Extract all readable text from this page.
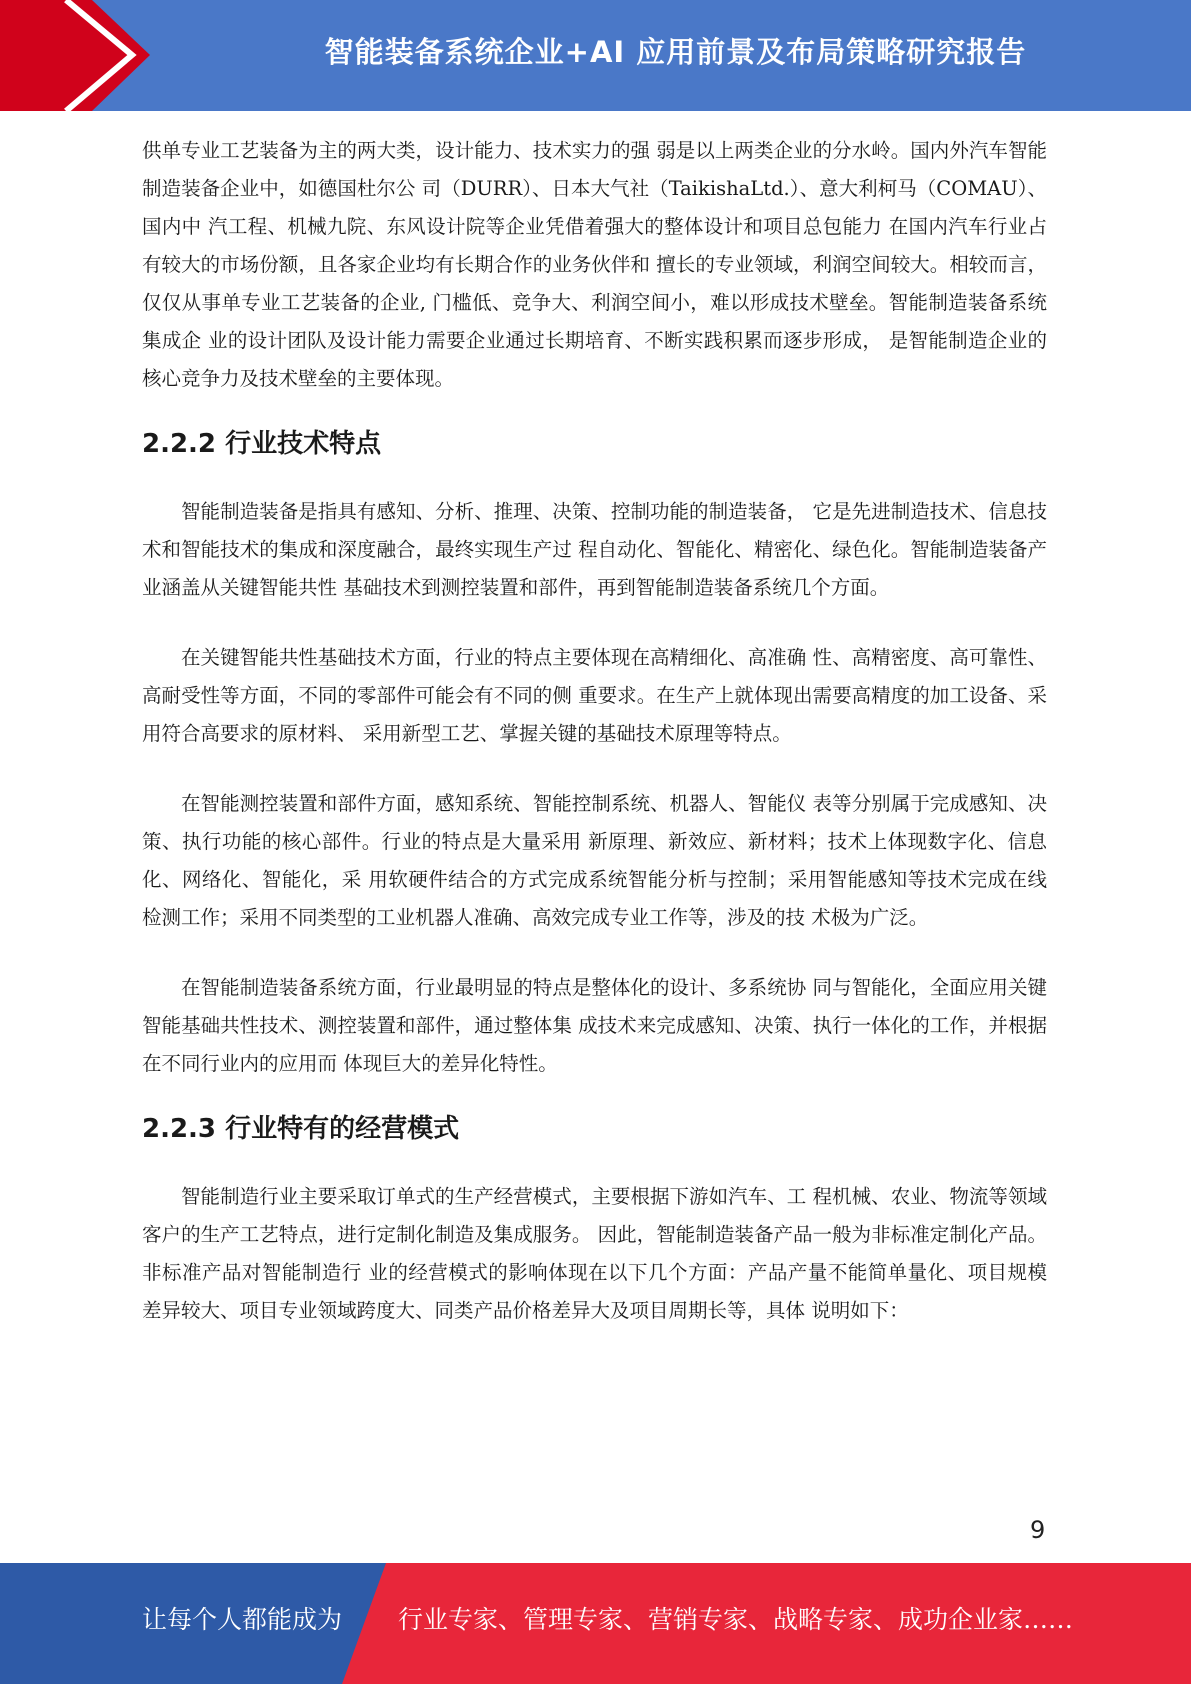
智能装备系统企业+AI 应用前景及布局策略研究报告

供单专业工艺装备为主的两大类，设计能力、技术实力的强 弱是以上两类企业的分水岭。国内外汽车智能制造装备企业中，如德国杜尔公 司（DURR）、日本大气社（TaikishaLtd.）、意大利柯马（COMAU）、国内中 汽工程、机械九院、东风设计院等企业凭借着强大的整体设计和项目总包能力 在国内汽车行业占有较大的市场份额，且各家企业均有长期合作的业务伙伴和 擅长的专业领域，利润空间较大。相较而言，仅仅从事单专业工艺装备的企业, 门槛低、竞争大、利润空间小，难以形成技术壁垒。智能制造装备系统集成企 业的设计团队及设计能力需要企业通过长期培育、不断实践积累而逐步形成， 是智能制造企业的核心竞争力及技术壁垒的主要体现。

2.2.2 行业技术特点

智能制造装备是指具有感知、分析、推理、决策、控制功能的制造装备， 它是先进制造技术、信息技术和智能技术的集成和深度融合，最终实现生产过 程自动化、智能化、精密化、绿色化。智能制造装备产业涵盖从关键智能共性 基础技术到测控装置和部件，再到智能制造装备系统几个方面。

在关键智能共性基础技术方面，行业的特点主要体现在高精细化、高准确 性、高精密度、高可靠性、高耐受性等方面，不同的零部件可能会有不同的侧 重要求。在生产上就体现出需要高精度的加工设备、采用符合高要求的原材料、 采用新型工艺、掌握关键的基础技术原理等特点。

在智能测控装置和部件方面，感知系统、智能控制系统、机器人、智能仪 表等分别属于完成感知、决策、执行功能的核心部件。行业的特点是大量采用 新原理、新效应、新材料；技术上体现数字化、信息化、网络化、智能化，采 用软硬件结合的方式完成系统智能分析与控制；采用智能感知等技术完成在线 检测工作；采用不同类型的工业机器人准确、高效完成专业工作等，涉及的技 术极为广泛。

在智能制造装备系统方面，行业最明显的特点是整体化的设计、多系统协 同与智能化，全面应用关键智能基础共性技术、测控装置和部件，通过整体集 成技术来完成感知、决策、执行一体化的工作，并根据在不同行业内的应用而 体现巨大的差异化特性。

2.2.3 行业特有的经营模式

智能制造行业主要采取订单式的生产经营模式，主要根据下游如汽车、工 程机械、农业、物流等领域客户的生产工艺特点，进行定制化制造及集成服务。 因此，智能制造装备产品一般为非标准定制化产品。非标准产品对智能制造行 业的经营模式的影响体现在以下几个方面：产品产量不能简单量化、项目规模 差异较大、项目专业领域跨度大、同类产品价格差异大及项目周期长等，具体 说明如下：

9
让每个人都能成为 行业专家、管理专家、营销专家、战略专家、成功企业家……
